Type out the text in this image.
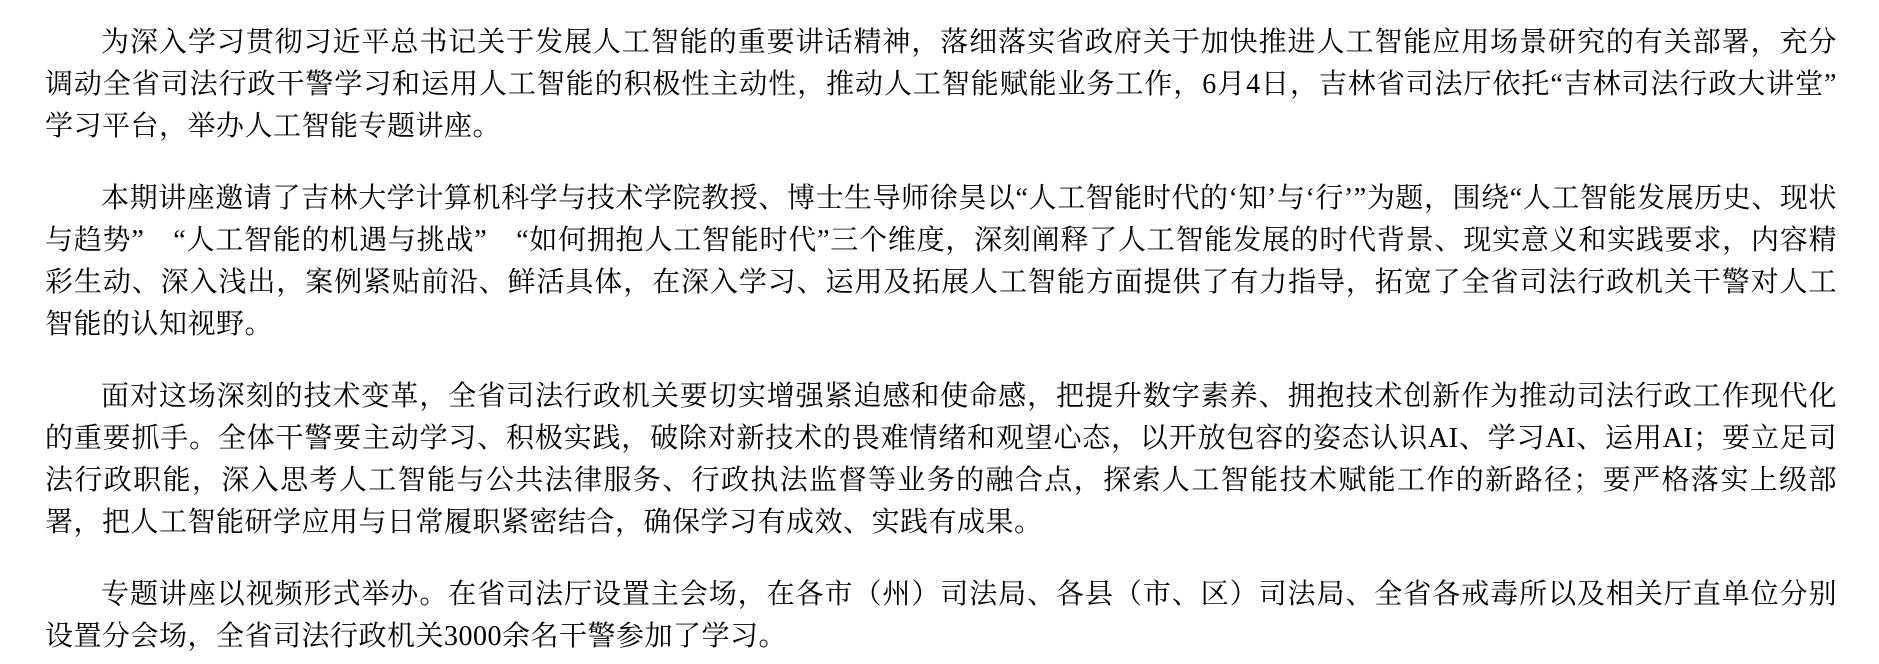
为深入学习贯彻习近平总书记关于发展人工智能的重要讲话精神，落细落实省政府关于加快推进人工智能应用场景研究的有关部署，充分调动全省司法行政干警学习和运用人工智能的积极性主动性，推动人工智能赋能业务工作，6月4日，吉林省司法厅依托“吉林司法行政大讲堂”学习平台，举办人工智能专题讲座。

本期讲座邀请了吉林大学计算机科学与技术学院教授、博士生导师徐昊以“人工智能时代的‘知’与‘行’”为题，围绕“人工智能发展历史、现状与趋势”　“人工智能的机遇与挑战”　“如何拥抱人工智能时代”三个维度，深刻阐释了人工智能发展的时代背景、现实意义和实践要求，内容精彩生动、深入浅出，案例紧贴前沿、鲜活具体，在深入学习、运用及拓展人工智能方面提供了有力指导，拓宽了全省司法行政机关干警对人工智能的认知视野。

面对这场深刻的技术变革，全省司法行政机关要切实增强紧迫感和使命感，把提升数字素养、拥抱技术创新作为推动司法行政工作现代化的重要抓手。全体干警要主动学习、积极实践，破除对新技术的畏难情绪和观望心态，以开放包容的姿态认识AI、学习AI、运用AI；要立足司法行政职能，深入思考人工智能与公共法律服务、行政执法监督等业务的融合点，探索人工智能技术赋能工作的新路径；要严格落实上级部署，把人工智能研学应用与日常履职紧密结合，确保学习有成效、实践有成果。

专题讲座以视频形式举办。在省司法厅设置主会场，在各市（州）司法局、各县（市、区）司法局、全省各戒毒所以及相关厅直单位分别设置分会场，全省司法行政机关3000余名干警参加了学习。
